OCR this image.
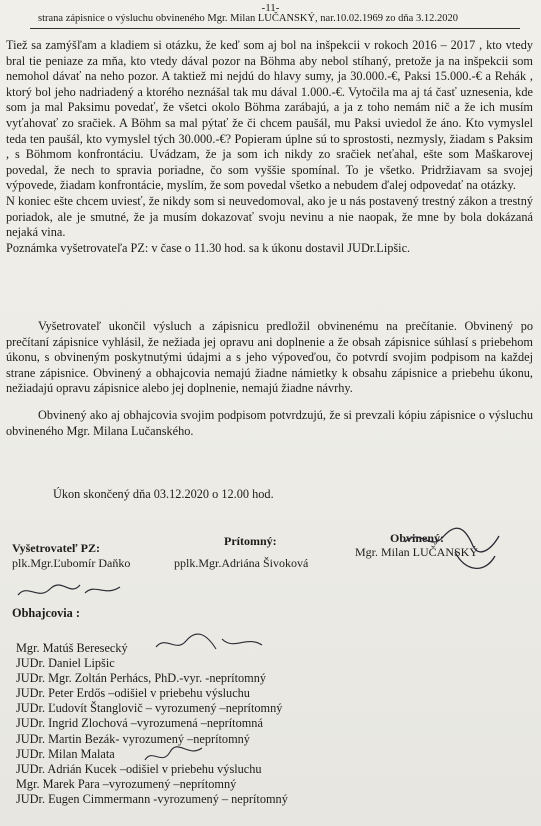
-11-
strana zápisnice o výsluchu obvineného Mgr. Milan LUČANSKÝ, nar.10.02.1969 zo dňa 3.12.2020

Tiež sa zamýšľam a kladiem si otázku, že keď som aj bol na inšpekcii v rokoch 2016 – 2017 , kto vtedy bral tie peniaze za mňa, kto vtedy dával pozor na Böhma aby nebol stíhaný, pretože ja na inšpekcii som nemohol dávať na neho pozor. A taktiež mi nejdú do hlavy sumy, ja 30.000.-€, Paksi 15.000.-€ a Rehák , ktorý bol jeho nadriadený a ktorého neznášal tak mu dával 1.000.-€. Vytočila ma aj tá časť uznesenia, kde som ja mal Paksimu povedať, že všetci okolo Böhma zarábajú, a ja z toho nemám nič a že ich musím vyťahovať zo sračiek. A Böhm sa mal pýtať že či chcem paušál, mu Paksi uviedol že áno. Kto vymyslel teda ten paušál, kto vymyslel tých 30.000.-€? Popieram úplne sú to sprostosti, nezmysly, žiadam s Paksim , s Böhmom konfrontáciu. Uvádzam, že ja som ich nikdy zo sračiek neťahal, ešte som Maškarovej povedal, že nech to spravia poriadne, čo som vyššie spomínal. To je všetko. Pridržiavam sa svojej výpovede, žiadam konfrontácie, myslím, že som povedal všetko a nebudem ďalej odpovedať na otázky.

N koniec ešte chcem uviesť, že nikdy som si neuvedomoval, ako je u nás postavený trestný zákon a trestný poriadok, ale je smutné, že ja musím dokazovať svoju nevinu a nie naopak, že mne by bola dokázaná nejaká vina.

Poznámka vyšetrovateľa PZ: v čase o 11.30 hod. sa k úkonu dostavil JUDr.Lipšic.

Vyšetrovateľ ukončil výsluch a zápisnicu predložil obvinenému na prečítanie. Obvinený po prečítaní zápisnice vyhlásil, že nežiada jej opravu ani doplnenie a že obsah zápisnice súhlasí s priebehom úkonu, s obvineným poskytnutými údajmi a s jeho výpoveďou, čo potvrdí svojim podpisom na každej strane zápisnice. Obvinený a obhajcovia nemajú žiadne námietky k obsahu zápisnice a priebehu úkonu, nežiadajú opravu zápisnice alebo jej doplnenie, nemajú žiadne návrhy.

Obvinený ako aj obhajcovia svojim podpisom potvrdzujú, že si prevzali kópiu zápisnice o výsluchu obvineného Mgr. Milana Lučanského.

Úkon skončený dňa 03.12.2020 o 12.00 hod.
Vyšetrovateľ PZ:
plk.Mgr.Ľubomír Daňko
Prítomný:
pplk.Mgr.Adriána Šivoková
Obvinený:
Mgr. Milan LUČANSKÝ
Obhajcovia :
Mgr. Matúš Beresecký
JUDr. Daniel Lipšic
JUDr. Mgr. Zoltán Perhács, PhD.-vyr. -neprítomný
JUDr. Peter Erdős –odišiel v priebehu výsluchu
JUDr. Ľudovít Štanglovič – vyrozumený –neprítomný
JUDr. Ingrid Zlochová –vyrozumená –neprítomná
JUDr. Martin Bezák- vyrozumený –neprítomný
JUDr. Milan Malata
JUDr. Adrián Kucek –odišiel v priebehu výsluchu
Mgr. Marek Para –vyrozumený –neprítomný
JUDr. Eugen Cimmermann -vyrozumený – neprítomný
